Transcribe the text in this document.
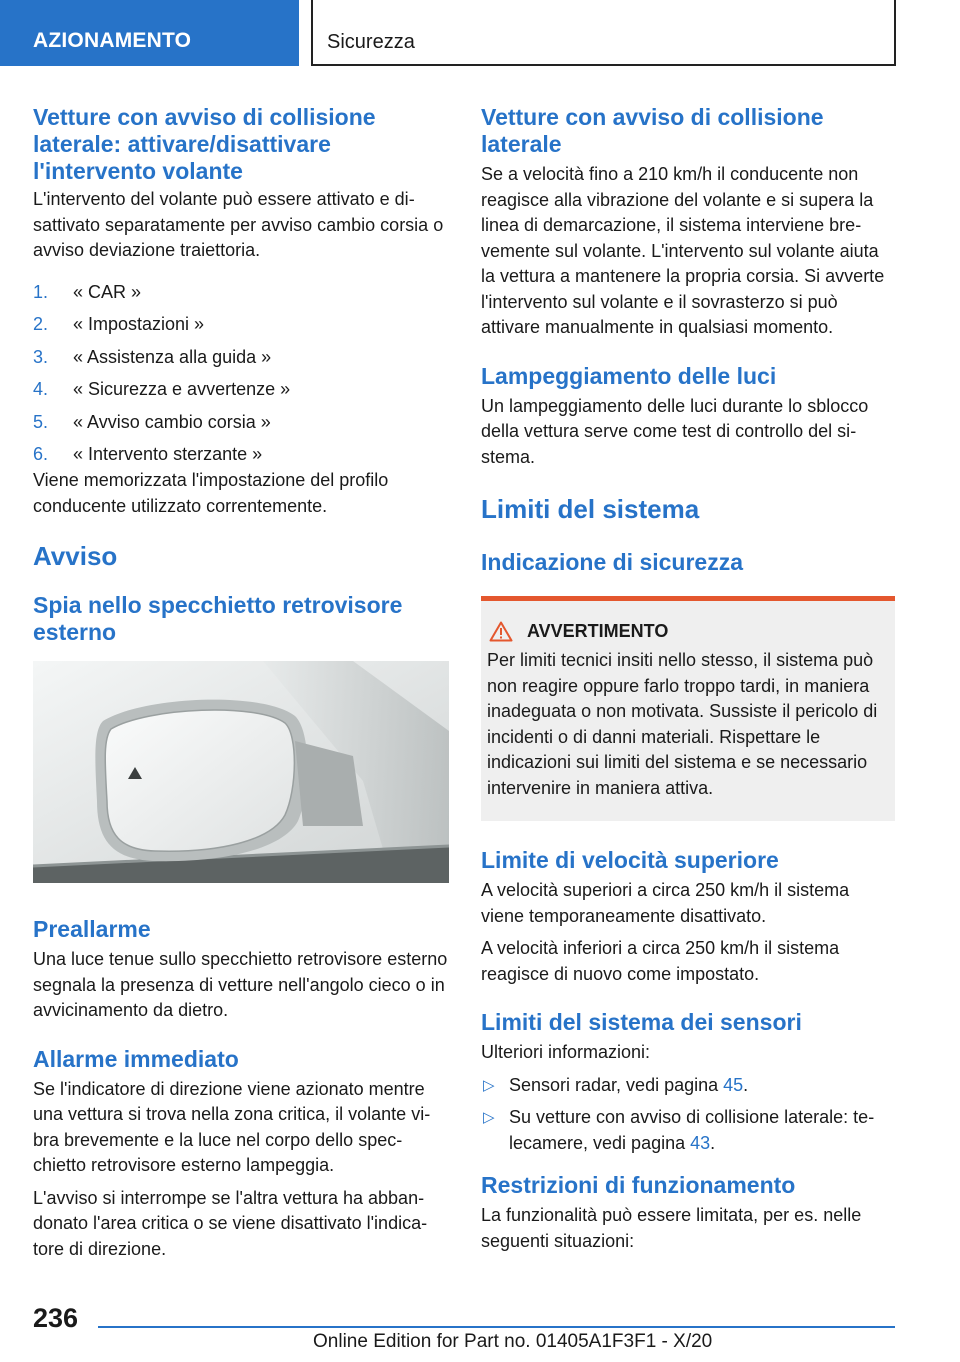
AZIONAMENTO	Sicurezza
Vetture con avviso di collisione laterale: attivare/disattivare l'intervento volante
L'intervento del volante può essere attivato e disattivato separatamente per avviso cambio corsia o avviso deviazione traiettoria.
1.	« CAR »
2.	« Impostazioni »
3.	« Assistenza alla guida »
4.	« Sicurezza e avvertenze »
5.	« Avviso cambio corsia »
6.	« Intervento sterzante »
Viene memorizzata l'impostazione del profilo conducente utilizzato correntemente.
Avviso
Spia nello specchietto retrovisore esterno
Preallarme
Una luce tenue sullo specchietto retrovisore esterno segnala la presenza di vetture nell'angolo cieco o in avvicinamento da dietro.
Allarme immediato
Se l'indicatore di direzione viene azionato mentre una vettura si trova nella zona critica, il volante vibra brevemente e la luce nel corpo dello specchietto retrovisore esterno lampeggia.
L'avviso si interrompe se l'altra vettura ha abbandonato l'area critica o se viene disattivato l'indicatore di direzione.
Vetture con avviso di collisione laterale
Se a velocità fino a 210 km/h il conducente non reagisce alla vibrazione del volante e si supera la linea di demarcazione, il sistema interviene brevemente sul volante. L'intervento sul volante aiuta la vettura a mantenere la propria corsia. Si avverte l'intervento sul volante e il sovrasterzo si può attivare manualmente in qualsiasi momento.
Lampeggiamento delle luci
Un lampeggiamento delle luci durante lo sblocco della vettura serve come test di controllo del sistema.
Limiti del sistema
Indicazione di sicurezza
AVVERTIMENTO
Per limiti tecnici insiti nello stesso, il sistema può non reagire oppure farlo troppo tardi, in maniera inadeguata o non motivata. Sussiste il pericolo di incidenti o di danni materiali. Rispettare le indicazioni sui limiti del sistema e se necessario intervenire in maniera attiva.
Limite di velocità superiore
A velocità superiori a circa 250 km/h il sistema viene temporaneamente disattivato.
A velocità inferiori a circa 250 km/h il sistema reagisce di nuovo come impostato.
Limiti del sistema dei sensori
Ulteriori informazioni:
▷ Sensori radar, vedi pagina 45.
▷ Su vetture con avviso di collisione laterale: telecamere, vedi pagina 43.
Restrizioni di funzionamento
La funzionalità può essere limitata, per es. nelle seguenti situazioni:
236
Online Edition for Part no. 01405A1F3F1 - X/20
